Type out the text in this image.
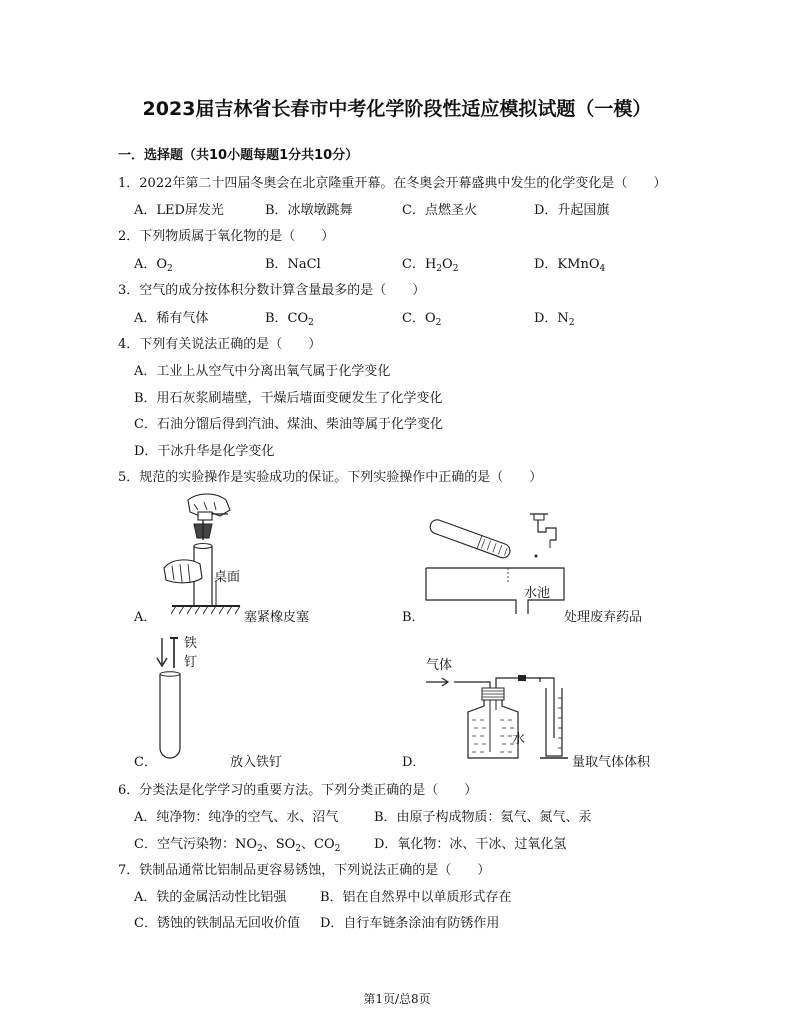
2023届吉林省长春市中考化学阶段性适应模拟试题（一模）
一．选择题（共10小题每题1分共10分）
1．2022年第二十四届冬奥会在北京隆重开幕。在冬奥会开幕盛典中发生的化学变化是（　　）
A．LED屏发光	B．冰墩墩跳舞	C．点燃圣火	D．升起国旗
2．下列物质属于氧化物的是（　　）
A．$O_2$	B．NaCl	C．$H_2O_2$	D．KMnO$_4$
3．空气的成分按体积分数计算含量最多的是（　　）
A．稀有气体	B．$CO_2$	C．$O_2$	D．$N_2$
4．下列有关说法正确的是（　　）
A．工业上从空气中分离出氧气属于化学变化
B．用石灰浆刷墙壁，干燥后墙面变硬发生了化学变化
C．石油分馏后得到汽油、煤油、柴油等属于化学变化
D．干冰升华是化学变化
5．规范的实验操作是实验成功的保证。下列实验操作中正确的是（　　）
桌面
A．	塞紧橡皮塞
水池
B．	处理废弃药品
铁
钉
C．	放入铁钉
气体
水
D．	量取气体体积
6．分类法是化学学习的重要方法。下列分类正确的是（　　）
A．纯净物：纯净的空气、水、沼气	B．由原子构成物质：氦气、氮气、汞
C．空气污染物：$NO_2$、$SO_2$、$CO_2$	D．氧化物：冰、干冰、过氧化氢
7．铁制品通常比铝制品更容易锈蚀，下列说法正确的是（　　）
A．铁的金属活动性比铝强	B．铝在自然界中以单质形式存在
C．锈蚀的铁制品无回收价值 D．自行车链条涂油有防锈作用
第1页/总8页
